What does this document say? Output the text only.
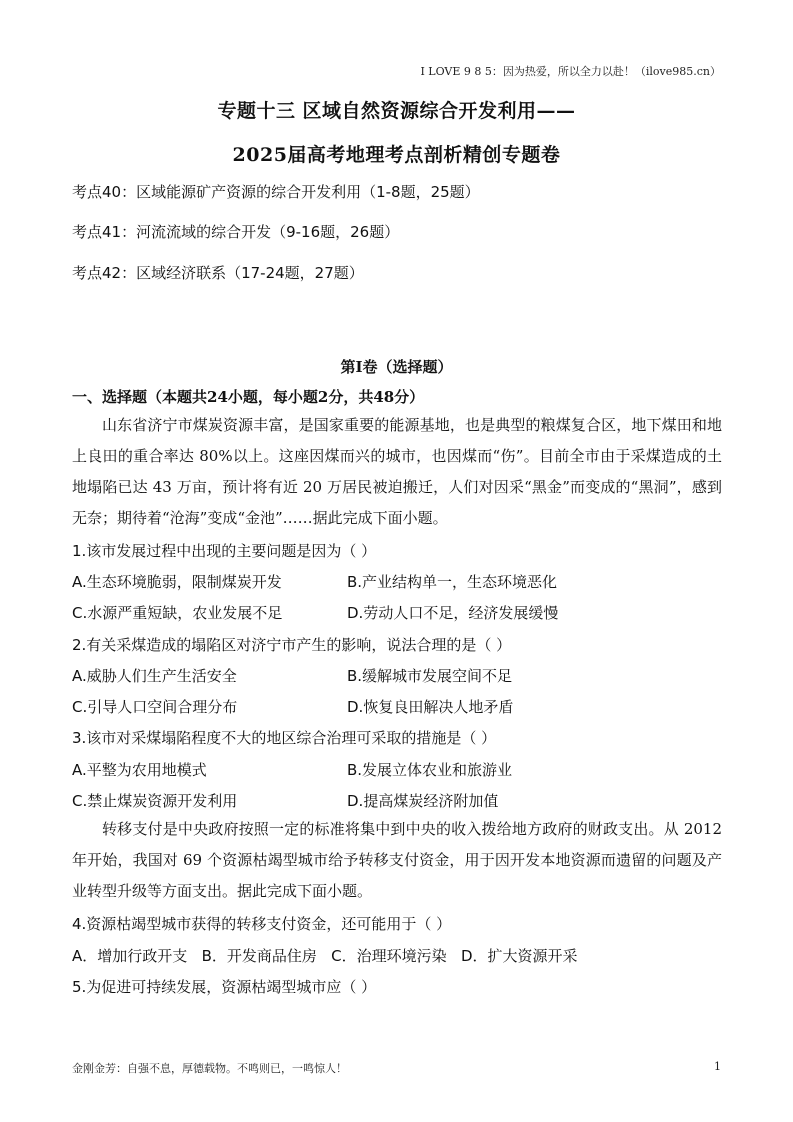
I LOVE 9 8 5：因为热爱，所以全力以赴！（ilove985.cn）
专题十三 区域自然资源综合开发利用——
2025届高考地理考点剖析精创专题卷
考点40：区域能源矿产资源的综合开发利用（1-8题，25题）
考点41：河流流域的综合开发（9-16题，26题）
考点42：区域经济联系（17-24题，27题）
第Ⅰ卷（选择题）
一、选择题（本题共24小题，每小题2分，共48分）

山东省济宁市煤炭资源丰富，是国家重要的能源基地，也是典型的粮煤复合区，地下煤田和地上良田的重合率达 80%以上。这座因煤而兴的城市，也因煤而“伤”。目前全市由于采煤造成的土地塌陷已达 43 万亩，预计将有近 20 万居民被迫搬迁，人们对因采“黑金”而变成的“黑洞”，感到无奈；期待着“沧海”变成“金池”……据此完成下面小题。

1.该市发展过程中出现的主要问题是因为（ ）
A.生态环境脆弱，限制煤炭开发	B.产业结构单一，生态环境恶化
C.水源严重短缺，农业发展不足	D.劳动人口不足，经济发展缓慢
2.有关采煤造成的塌陷区对济宁市产生的影响，说法合理的是（ ）
A.威胁人们生产生活安全	B.缓解城市发展空间不足
C.引导人口空间合理分布	D.恢复良田解决人地矛盾
3.该市对采煤塌陷程度不大的地区综合治理可采取的措施是（ ）
A.平整为农用地模式	B.发展立体农业和旅游业
C.禁止煤炭资源开发利用	D.提高煤炭经济附加值

转移支付是中央政府按照一定的标准将集中到中央的收入拨给地方政府的财政支出。从 2012 年开始，我国对 69 个资源枯竭型城市给予转移支付资金，用于因开发本地资源而遗留的问题及产业转型升级等方面支出。据此完成下面小题。

4.资源枯竭型城市获得的转移支付资金，还可能用于（ ）
A．增加行政开支   B．开发商品住房   C．治理环境污染   D．扩大资源开采
5.为促进可持续发展，资源枯竭型城市应（ ）
金刚金芳：自强不息，厚德载物。不鸣则已，一鸣惊人！	1
